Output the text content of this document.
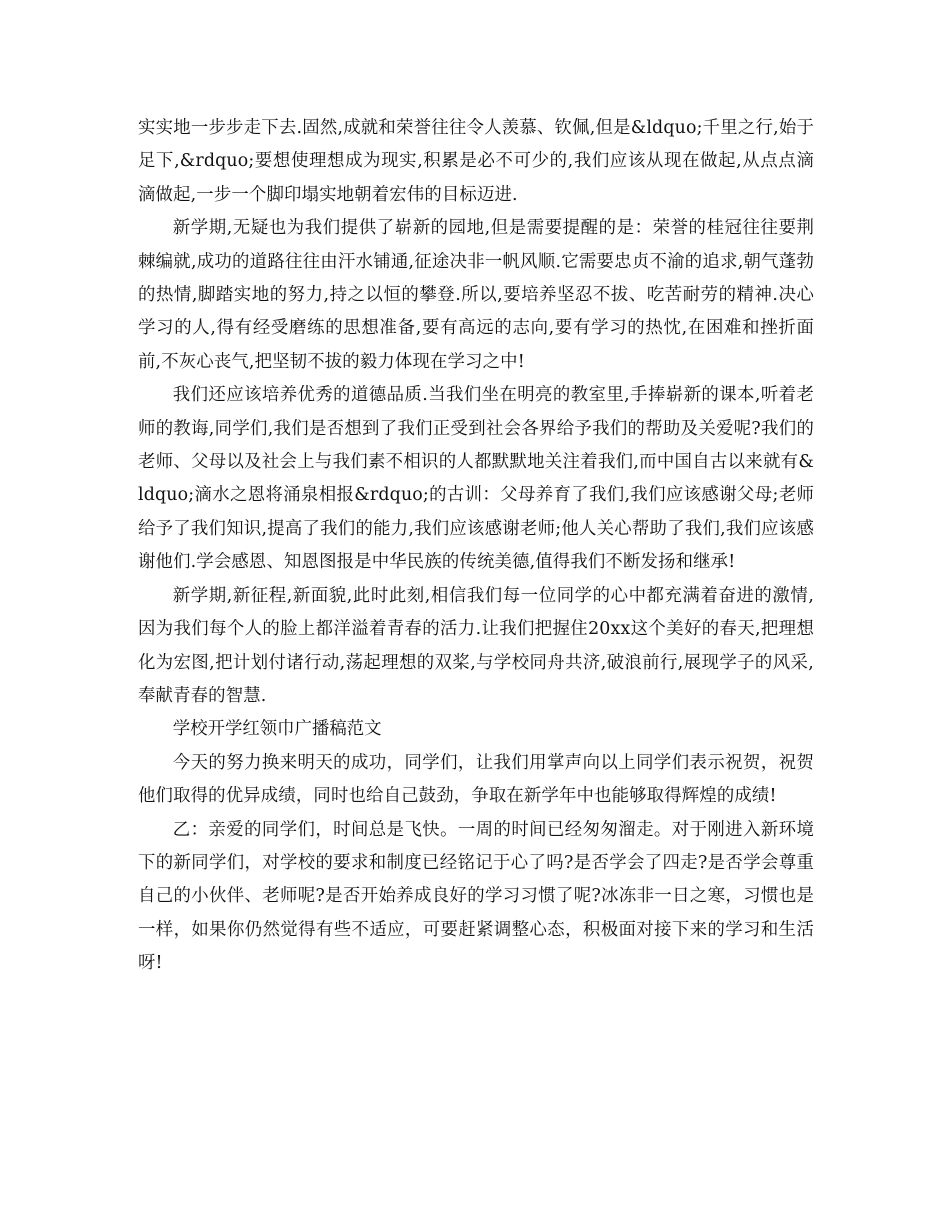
实实地一步步走下去.固然,成就和荣誉往往令人羡慕、钦佩,但是&ldquo;千里之行,始于足下,&rdquo;要想使理想成为现实,积累是必不可少的,我们应该从现在做起,从点点滴滴做起,一步一个脚印塌实地朝着宏伟的目标迈进.

新学期,无疑也为我们提供了崭新的园地,但是需要提醒的是：荣誉的桂冠往往要荆棘编就,成功的道路往往由汗水铺通,征途决非一帆风顺.它需要忠贞不渝的追求,朝气蓬勃的热情,脚踏实地的努力,持之以恒的攀登.所以,要培养坚忍不拔、吃苦耐劳的精神.决心学习的人,得有经受磨练的思想准备,要有高远的志向,要有学习的热忱,在困难和挫折面前,不灰心丧气,把坚韧不拔的毅力体现在学习之中!

我们还应该培养优秀的道德品质.当我们坐在明亮的教室里,手捧崭新的课本,听着老师的教诲,同学们,我们是否想到了我们正受到社会各界给予我们的帮助及关爱呢?我们的老师、父母以及社会上与我们素不相识的人都默默地关注着我们,而中国自古以来就有&ldquo;滴水之恩将涌泉相报&rdquo;的古训：父母养育了我们,我们应该感谢父母;老师给予了我们知识,提高了我们的能力,我们应该感谢老师;他人关心帮助了我们,我们应该感谢他们.学会感恩、知恩图报是中华民族的传统美德,值得我们不断发扬和继承!

新学期,新征程,新面貌,此时此刻,相信我们每一位同学的心中都充满着奋进的激情,因为我们每个人的脸上都洋溢着青春的活力.让我们把握住20xx这个美好的春天,把理想化为宏图,把计划付诸行动,荡起理想的双桨,与学校同舟共济,破浪前行,展现学子的风采,奉献青春的智慧.

学校开学红领巾广播稿范文

今天的努力换来明天的成功，同学们，让我们用掌声向以上同学们表示祝贺，祝贺他们取得的优异成绩，同时也给自己鼓劲，争取在新学年中也能够取得辉煌的成绩!

乙：亲爱的同学们，时间总是飞快。一周的时间已经匆匆溜走。对于刚进入新环境下的新同学们，对学校的要求和制度已经铭记于心了吗?是否学会了四走?是否学会尊重自己的小伙伴、老师呢?是否开始养成良好的学习习惯了呢?冰冻非一日之寒，习惯也是一样，如果你仍然觉得有些不适应，可要赶紧调整心态，积极面对接下来的学习和生活呀!
